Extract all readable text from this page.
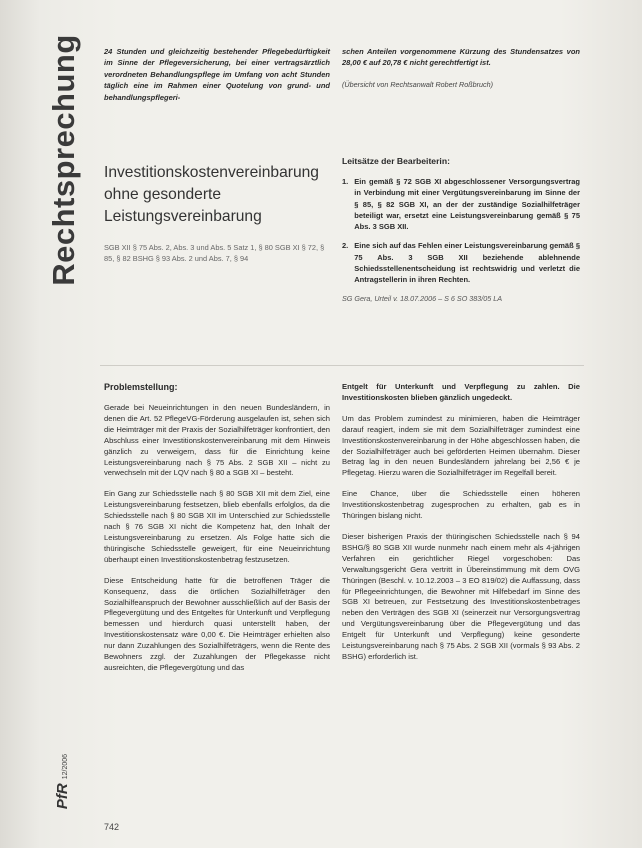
Rechtsprechung	24 Stunden und gleichzeitig bestehender Pflegebedürftigkeit im Sinne der Pflegeversicherung, bei einer vertragsärztlich verordneten Behandlungspflege im Umfang von acht Stunden täglich eine im Rahmen einer Quotelung von grund- und behandlungspflegeri-

schen Anteilen vorgenommene Kürzung des Stundensatzes von 28,00 € auf 20,78 € nicht gerechtfertigt ist.

(Übersicht von Rechtsanwalt Robert Roßbruch)
Investitionskostenvereinbarung ohne gesonderte Leistungsvereinbarung
SGB XII § 75 Abs. 2, Abs. 3 und Abs. 5 Satz 1, § 80 SGB XI § 72, § 85, § 82 BSHG § 93 Abs. 2 und Abs. 7, § 94
Leitsätze der Bearbeiterin:
1. Ein gemäß § 72 SGB XI abgeschlossener Versorgungsvertrag in Verbindung mit einer Vergütungsvereinbarung im Sinne der § 85, § 82 SGB XI, an der der zuständige Sozialhilfeträger beteiligt war, ersetzt eine Leistungsvereinbarung gemäß § 75 Abs. 3 SGB XII.
2. Eine sich auf das Fehlen einer Leistungsvereinbarung gemäß § 75 Abs. 3 SGB XII beziehende ablehnende Schiedsstellenentscheidung ist rechtswidrig und verletzt die Antragstellerin in ihren Rechten.
SG Gera, Urteil v. 18.07.2006 – S 6 SO 383/05 LA
Problemstellung:

Gerade bei Neueinrichtungen in den neuen Bundesländern, in denen die Art. 52 PflegeVG-Förderung ausgelaufen ist, sehen sich die Heimträger mit der Praxis der Sozialhilfeträger konfrontiert, den Abschluss einer Investitionskostenvereinbarung mit dem Hinweis gänzlich zu verweigern, dass für die Einrichtung keine Leistungsvereinbarung nach § 75 Abs. 2 SGB XII – nicht zu verwechseln mit der LQV nach § 80 a SGB XI – besteht.

Ein Gang zur Schiedsstelle nach § 80 SGB XII mit dem Ziel, eine Leistungsvereinbarung festsetzen, blieb ebenfalls erfolglos, da die Schiedsstelle nach § 80 SGB XII im Unterschied zur Schiedsstelle nach § 76 SGB XI nicht die Kompetenz hat, den Inhalt der Leistungsvereinbarung zu ersetzen. Als Folge hatte sich die thüringische Schiedsstelle geweigert, für eine Neueinrichtung überhaupt einen Investitionskostenbetrag festzusetzen.

Diese Entscheidung hatte für die betroffenen Träger die Konsequenz, dass die örtlichen Sozialhilfeträger den Sozialhilfeanspruch der Bewohner ausschließlich auf der Basis der Pflegevergütung und des Entgeltes für Unterkunft und Verpflegung bemessen und hierdurch quasi unterstellt haben, der Investitionskostensatz wäre 0,00 €. Die Heimträger erhielten also nur dann Zuzahlungen des Sozialhilfeträgers, wenn die Rente des Bewohners zzgl. der Zuzahlungen der Pflegekasse nicht ausreichten, die Pflegevergütung und das

Entgelt für Unterkunft und Verpflegung zu zahlen. Die Investitionskosten blieben gänzlich ungedeckt.

Um das Problem zumindest zu minimieren, haben die Heimträger darauf reagiert, indem sie mit dem Sozialhilfeträger zumindest eine Investitionskostenvereinbarung in der Höhe abgeschlossen haben, die der Sozialhilfeträger auch bei geförderten Heimen übernahm. Dieser Betrag lag in den neuen Bundesländern jahrelang bei 2,56 € je Pflegetag. Hierzu waren die Sozialhilfeträger im Regelfall bereit.

Eine Chance, über die Schiedsstelle einen höheren Investitionskostenbetrag zugesprochen zu erhalten, gab es in Thüringen bislang nicht.

Dieser bisherigen Praxis der thüringischen Schiedsstelle nach § 94 BSHG/§ 80 SGB XII wurde nunmehr nach einem mehr als 4-jährigen Verfahren ein gerichtlicher Riegel vorgeschoben: Das Verwaltungsgericht Gera vertritt in Übereinstimmung mit dem OVG Thüringen (Beschl. v. 10.12.2003 – 3 EO 819/02) die Auffassung, dass für Pflegeeinrichtungen, die Bewohner mit Hilfebedarf im Sinne des SGB XI betreuen, zur Festsetzung des Investitionskostenbetrages neben den Verträgen des SGB XI (seinerzeit nur Versorgungsvertrag und Vergütungsvereinbarung über die Pflegevergütung und das Entgelt für Unterkunft und Verpflegung) keine gesonderte Leistungsvereinbarung nach § 75 Abs. 2 SGB XII (vormals § 93 Abs. 2 BSHG) erforderlich ist.

PfR
12/2006
742
